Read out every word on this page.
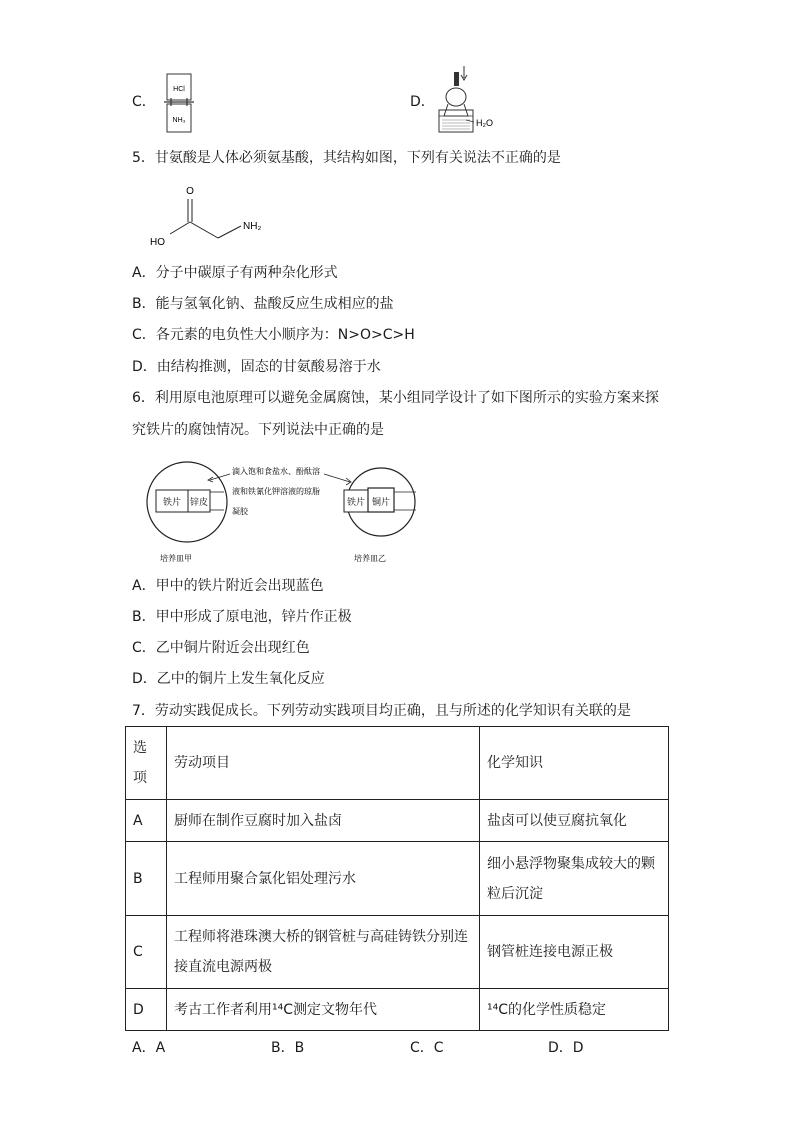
C．
HCl
NH₃
D．
H₂O
5．甘氨酸是人体必须氨基酸，其结构如图，下列有关说法不正确的是
O
HO
NH₂
A．分子中碳原子有两种杂化形式
B．能与氢氧化钠、盐酸反应生成相应的盐
C．各元素的电负性大小顺序为：N>O>C>H
D．由结构推测，固态的甘氨酸易溶于水
6．利用原电池原理可以避免金属腐蚀，某小组同学设计了如下图所示的实验方案来探
究铁片的腐蚀情况。下列说法中正确的是
铁片 锌皮
培养皿甲
滴入饱和食盐水、酚酞溶
液和铁氰化钾溶液的琼脂
凝胶
铁片 铜片
培养皿乙
A．甲中的铁片附近会出现蓝色
B．甲中形成了原电池，锌片作正极
C．乙中铜片附近会出现红色
D．乙中的铜片上发生氧化反应
7．劳动实践促成长。下列劳动实践项目均正确，且与所述的化学知识有关联的是
选
项	劳动项目	化学知识
A	厨师在制作豆腐时加入盐卤	盐卤可以使豆腐抗氧化
B	工程师用聚合氯化铝处理污水	细小悬浮物聚集成较大的颗
粒后沉淀

C	工程师将港珠澳大桥的钢管桩与高硅铸铁分别连
接直流电源两极	钢管桩连接电源正极
D	考古工作者利用¹⁴C测定文物年代	¹⁴C的化学性质稳定
A．A	B．B	C．C	D．D
